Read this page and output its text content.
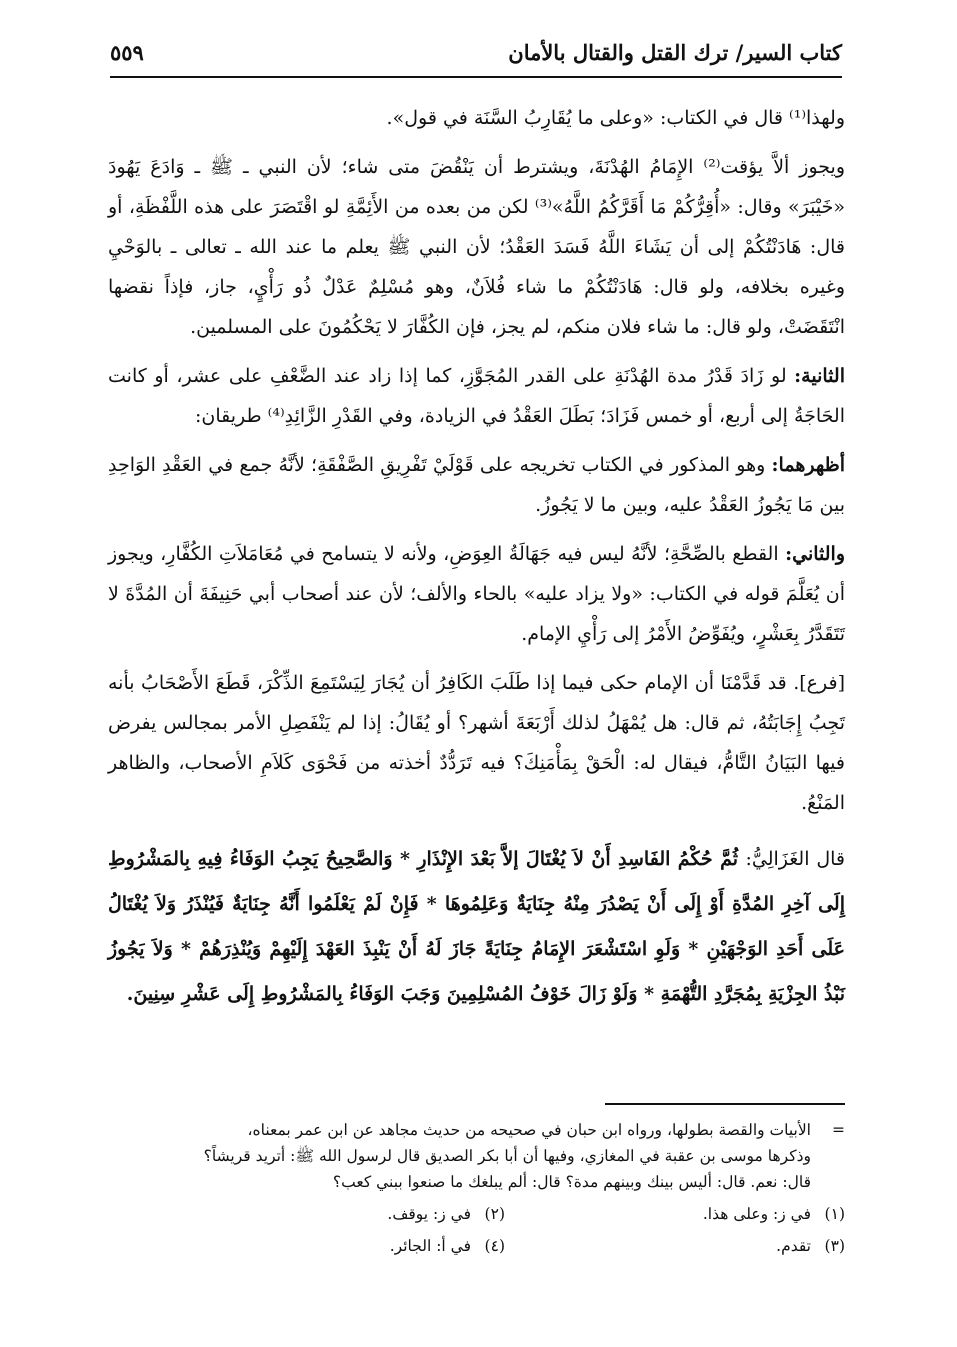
كتاب السير/ ترك القتل والقتال بالأمان
٥٥٩

ولهذا⁽¹⁾ قال في الكتاب: «وعلى ما يُقَارِبُ السَّنَة في قول».

ويجوز ألاَّ يؤقت⁽²⁾ الإِمَامُ الهُدْنَةَ، ويشترط أن يَنْقُضَ متى شاء؛ لأن النبي ـ ﷺ ـ وَادَعَ يَهُودَ «خَيْبَرَ» وقال: «أُقِرُّكُمْ مَا أَقَرَّكُمُ اللَّهُ»⁽³⁾ لكن من بعده من الأَئِمَّةِ لو اقْتَصَرَ على هذه اللَّفْظَةِ، أو قال: هَادَنْتُكُمْ إلى أن يَشَاءَ اللَّهُ فَسَدَ العَقْدُ؛ لأن النبي ﷺ يعلم ما عند الله ـ تعالى ـ بالوَحْيِ وغيره بخلافه، ولو قال: هَادَنْتُكُمْ ما شاء فُلاَنٌ، وهو مُسْلِمٌ عَدْلٌ ذُو رَأْيٍ، جاز، فإذاً نقضها انْتَقَضَتْ، ولو قال: ما شاء فلان منكم، لم يجز، فإن الكُفَّارَ لا يَحْكُمُونَ على المسلمين.

الثانية: لو زَادَ قَدْرُ مدة الهُدْنَةِ على القدر المُجَوَّزِ، كما إذا زاد عند الضَّعْفِ على عشر، أو كانت الحَاجَةُ إلى أربع، أو خمس فَزَادَ؛ بَطَلَ العَقْدُ في الزيادة، وفي القَدْرِ الزَّائِدِ⁽⁴⁾ طريقان:

أظهرهما: وهو المذكور في الكتاب تخريجه على قَوْلَيْ تَفْرِيقِ الصَّفْقَةِ؛ لأنَّهُ جمع في العَقْدِ الوَاحِدِ بين مَا يَجُوزُ العَقْدُ عليه، وبين ما لا يَجُوزُ.

والثاني: القطع بالصِّحَّةِ؛ لأنَّهُ ليس فيه جَهَالَةُ العِوَضِ، ولأنه لا يتسامح في مُعَامَلاَتِ الكُفَّارِ، ويجوز أن يُعَلَّمَ قوله في الكتاب: «ولا يزاد عليه» بالحاء والألف؛ لأن عند أصحاب أبي حَنِيفَةَ أن المُدَّةَ لا تَتَقَدَّرُ بِعَشْرٍ، ويُفَوِّضُ الأَمْرُ إلى رَأْيِ الإمام.

[فرع]. قد قَدَّمْنَا أن الإمام حكى فيما إذا طَلَبَ الكَافِرُ أن يُجَارَ لِيَسْتَمِعَ الذِّكْرَ، قَطَعَ الأَصْحَابُ بأنه تَجِبُ إِجَابَتُهُ، ثم قال: هل يُمْهَلُ لذلك أَرْبَعَةَ أشهر؟ أو يُقَالُ: إذا لم يَنْفَصِلِ الأمر بمجالس يفرض فيها البَيَانُ التَّامُّ، فيقال له: الْحَقْ بِمَأْمَنِكَ؟ فيه تَرَدُّدٌ أخذته من فَحْوَى كَلاَمِ الأصحاب، والظاهر المَنْعُ.

قال الغَزَالِيُّ: ثُمَّ حُكْمُ الفَاسِدِ أَنْ لاَ يُغْتَالَ إلاَّ بَعْدَ الإِنْذَارِ * وَالصَّحِيحُ يَجِبُ الوَفَاءُ فِيهِ بِالمَشْرُوطِ إِلَى آخِرِ المُدَّةِ أَوْ إِلَى أَنْ يَصْدُرَ مِنْهُ جِنَايَةٌ وَعَلِمُوهَا * فَإِنْ لَمْ يَعْلَمُوا أَنَّهُ جِنَايَةٌ فَيُنْذَرُ وَلاَ يُغْتَالُ عَلَى أَحَدِ الوَجْهَيْنِ * وَلَوِ اسْتَشْعَرَ الإِمَامُ جِنَايَةً جَازَ لَهُ أَنْ يَنْبِذَ العَهْدَ إِلَيْهِمْ وَيُنْذِرَهُمْ * وَلاَ يَجُوزُ نَبْذُ الجِزْيَةِ بِمُجَرَّدِ التُّهْمَةِ * وَلَوْ زَالَ خَوْفُ المُسْلِمِينَ وَجَبَ الوَفَاءُ بِالمَشْرُوطِ إِلَى عَشْرِ سِنِينَ.

=
الأبيات والقصة بطولها، ورواه ابن حبان في صحيحه من حديث مجاهد عن ابن عمر بمعناه،

وذكرها موسى بن عقبة في المغازي، وفيها أن أبا بكر الصديق قال لرسول الله ﷺ: أتريد قريشاً؟

قال: نعم. قال: أليس بينك وبينهم مدة؟ قال: ألم يبلغك ما صنعوا ببني كعب؟

(١)
في ز: وعلى هذا.
(٢)
في ز: يوقف.
(٣)
تقدم.
(٤)
في أ: الجائر.
